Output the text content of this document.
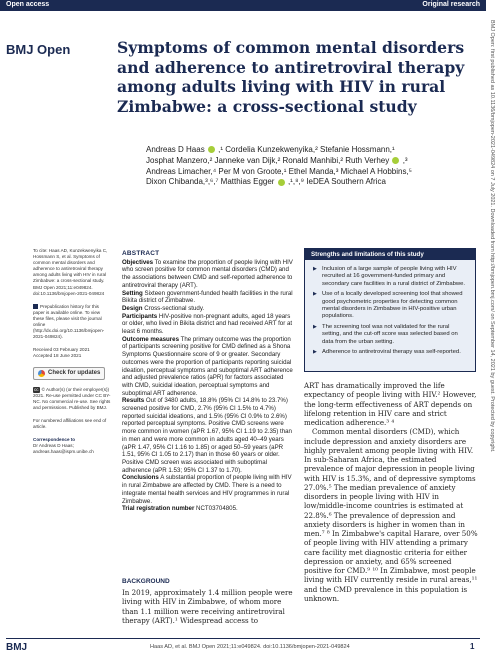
Open access	Original research
BMJ Open: first published as 10.1136/bmjopen-2021-049824 on 7 July 2021. Downloaded from http://bmjopen.bmj.com/ on September 14, 2021 by guest. Protected by copyright.
BMJ Open	Symptoms of common mental disorders and adherence to antiretroviral therapy among adults living with HIV in rural Zimbabwe: a cross-sectional study
Andreas D Haas ,¹ Cordelia Kunzekwenyika,² Stefanie Hossmann,¹
Josphat Manzero,² Janneke van Dijk,² Ronald Manhibi,² Ruth Verhey ,³
Andreas Limacher,⁴ Per M von Groote,¹ Ethel Manda,³ Michael A Hobbins,⁵
Dixon Chibanda,³,⁶,⁷ Matthias Egger ,¹,⁸,⁹ IeDEA Southern Africa
To cite: Haas AD, Kunzekwenyika C, Hossmann S, et al. Symptoms of common mental disorders and adherence to antiretroviral therapy among adults living with HIV in rural Zimbabwe: a cross-sectional study. BMJ Open 2021;11:e049824. doi:10.1136/bmjopen-2021-049824
Prepublication history for this paper is available online. To view these files, please visit the journal online (http://dx.doi.org/10.1136/bmjopen-2021-049824).
Received 03 February 2021
Accepted 18 June 2021
Check for updates
cc © Author(s) (or their employer(s)) 2021. Re-use permitted under CC BY-NC. No commercial re-use. See rights and permissions. Published by BMJ.
For numbered affiliations see end of article.
Correspondence to
Dr Andreas D Haas;
andreas.haas@ispm.unibe.ch
ABSTRACT

Objectives To examine the proportion of people living with HIV who screen positive for common mental disorders (CMD) and the associations between CMD and self-reported adherence to antiretroviral therapy (ART).

Setting Sixteen government-funded health facilities in the rural Bikita district of Zimbabwe.

Design Cross-sectional study.

Participants HIV-positive non-pregnant adults, aged 18 years or older, who lived in Bikita district and had received ART for at least 6 months.

Outcome measures The primary outcome was the proportion of participants screening positive for CMD defined as a Shona Symptoms Questionnaire score of 9 or greater. Secondary outcomes were the proportion of participants reporting suicidal ideation, perceptual symptoms and suboptimal ART adherence and adjusted prevalence ratios (aPR) for factors associated with CMD, suicidal ideation, perceptual symptoms and suboptimal ART adherence.

Results Out of 3480 adults, 18.8% (95% CI 14.8% to 23.7%) screened positive for CMD, 2.7% (95% CI 1.5% to 4.7%) reported suicidal ideations, and 1.5% (95% CI 0.9% to 2.6%) reported perceptual symptoms. Positive CMD screens were more common in women (aPR 1.67, 95% CI 1.19 to 2.35) than in men and were more common in adults aged 40–49 years (aPR 1.47, 95% CI 1.16 to 1.85) or aged 50–59 years (aPR 1.51, 95% CI 1.05 to 2.17) than in those 60 years or older. Positive CMD screen was associated with suboptimal adherence (aPR 1.53; 95% CI 1.37 to 1.70).

Conclusions A substantial proportion of people living with HIV in rural Zimbabwe are affected by CMD. There is a need to integrate mental health services and HIV programmes in rural Zimbabwe.

Trial registration number NCT03704805.

BACKGROUND

In 2019, approximately 1.4 million people were living with HIV in Zimbabwe, of whom more than 1.1 million were receiving antiretroviral therapy (ART).¹ Widespread access to

Strengths and limitations of this study
▶ Inclusion of a large sample of people living with HIV recruited at 16 government-funded primary and secondary care facilities in a rural district of Zimbabwe.
▶ Use of a locally developed screening tool that showed good psychometric properties for detecting common mental disorders in Zimbabwe in HIV-positive urban populations.
▶ The screening tool was not validated for the rural setting, and the cut-off score was selected based on data from the urban setting.
▶ Adherence to antiretroviral therapy was self-reported.

ART has dramatically improved the life expectancy of people living with HIV.² However, the long-term effectiveness of ART depends on lifelong retention in HIV care and strict medication adherence.³ ⁴

Common mental disorders (CMD), which include depression and anxiety disorders are highly prevalent among people living with HIV. In sub-Saharan Africa, the estimated prevalence of major depression in people living with HIV is 15.3%, and of depressive symptoms 27.0%.⁵ The median prevalence of anxiety disorders in people living with HIV in low/middle-income countries is estimated at 22.8%.⁶ The prevalence of depression and anxiety disorders is higher in women than in men.⁷ ⁸ In Zimbabwe's capital Harare, over 50% of people living with HIV attending a primary care facility met diagnostic criteria for either depression or anxiety, and 65% screened positive for CMD.⁹ ¹⁰ In Zimbabwe, most people living with HIV currently reside in rural areas,¹¹ and the CMD prevalence in this population is unknown.

BMJ	Haas AD, et al. BMJ Open 2021;11:e049824. doi:10.1136/bmjopen-2021-049824	1
